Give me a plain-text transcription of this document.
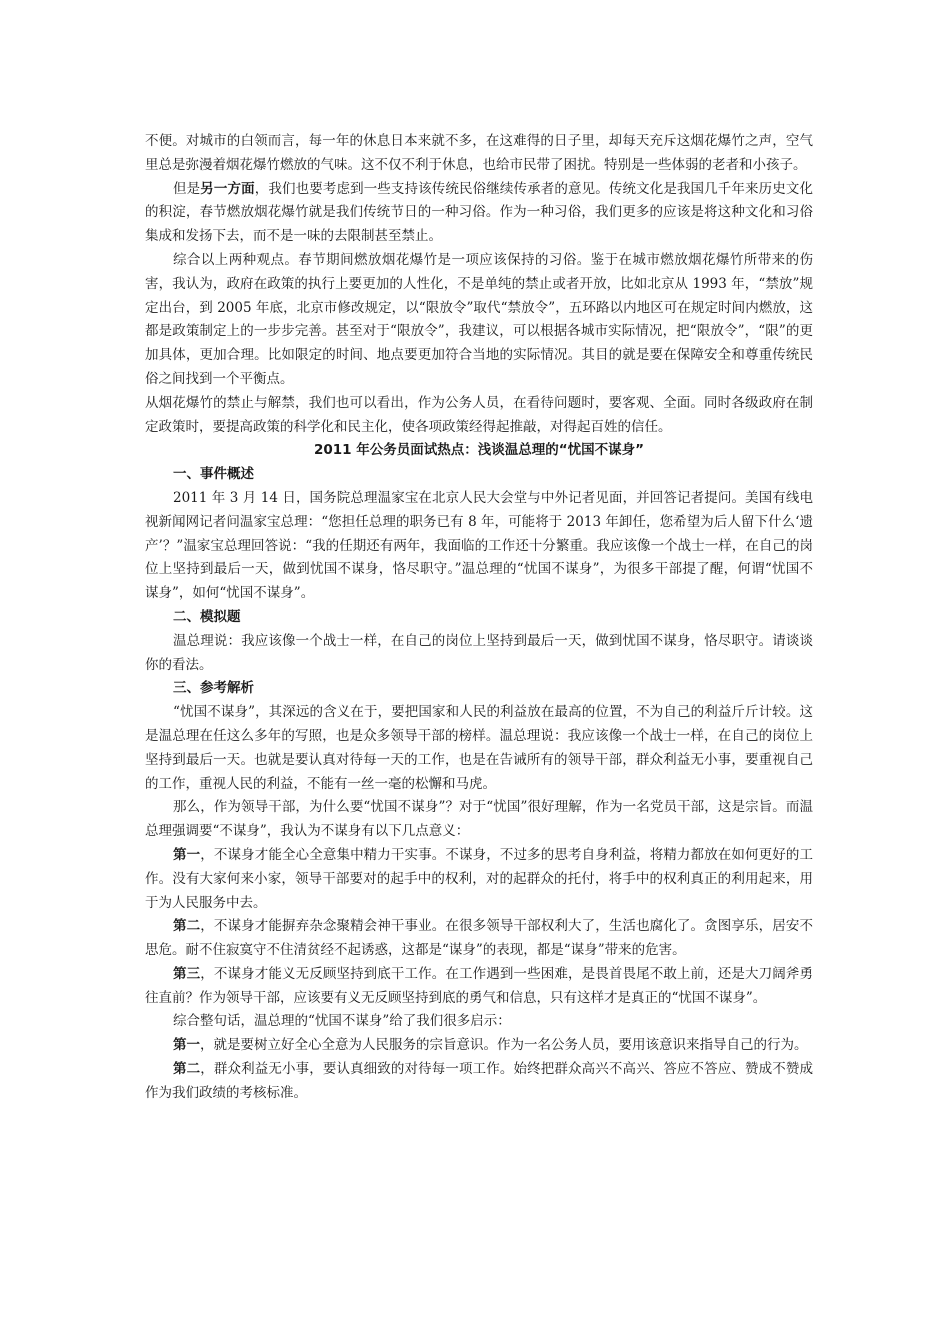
不便。对城市的白领而言，每一年的休息日本来就不多，在这难得的日子里，却每天充斥这烟花爆竹之声，空气里总是弥漫着烟花爆竹燃放的气味。这不仅不利于休息，也给市民带了困扰。特别是一些体弱的老者和小孩子。

但是另一方面，我们也要考虑到一些支持该传统民俗继续传承者的意见。传统文化是我国几千年来历史文化的积淀，春节燃放烟花爆竹就是我们传统节日的一种习俗。作为一种习俗，我们更多的应该是将这种文化和习俗集成和发扬下去，而不是一味的去限制甚至禁止。

综合以上两种观点。春节期间燃放烟花爆竹是一项应该保持的习俗。鉴于在城市燃放烟花爆竹所带来的伤害，我认为，政府在政策的执行上要更加的人性化，不是单纯的禁止或者开放，比如北京从 1993 年，“禁放”规定出台，到 2005 年底，北京市修改规定，以“限放令”取代“禁放令”，五环路以内地区可在规定时间内燃放，这都是政策制定上的一步步完善。甚至对于“限放令”，我建议，可以根据各城市实际情况，把“限放令”，“限”的更加具体，更加合理。比如限定的时间、地点要更加符合当地的实际情况。其目的就是要在保障安全和尊重传统民俗之间找到一个平衡点。

从烟花爆竹的禁止与解禁，我们也可以看出，作为公务人员，在看待问题时，要客观、全面。同时各级政府在制定政策时，要提高政策的科学化和民主化，使各项政策经得起推敲，对得起百姓的信任。

2011 年公务员面试热点：浅谈温总理的“忧国不谋身”

一、事件概述

2011 年 3 月 14 日，国务院总理温家宝在北京人民大会堂与中外记者见面，并回答记者提问。美国有线电视新闻网记者问温家宝总理：“您担任总理的职务已有 8 年，可能将于 2013 年卸任，您希望为后人留下什么‘遗产’？”温家宝总理回答说：“我的任期还有两年，我面临的工作还十分繁重。我应该像一个战士一样，在自己的岗位上坚持到最后一天，做到忧国不谋身，恪尽职守。”温总理的“忧国不谋身”，为很多干部提了醒，何谓“忧国不谋身”，如何“忧国不谋身”。

二、模拟题

温总理说：我应该像一个战士一样，在自己的岗位上坚持到最后一天，做到忧国不谋身，恪尽职守。请谈谈你的看法。

三、参考解析

“忧国不谋身”，其深远的含义在于，要把国家和人民的利益放在最高的位置，不为自己的利益斤斤计较。这是温总理在任这么多年的写照，也是众多领导干部的榜样。温总理说：我应该像一个战士一样，在自己的岗位上坚持到最后一天。也就是要认真对待每一天的工作，也是在告诫所有的领导干部，群众利益无小事，要重视自己的工作，重视人民的利益，不能有一丝一毫的松懈和马虎。

那么，作为领导干部，为什么要“忧国不谋身”？对于“忧国”很好理解，作为一名党员干部，这是宗旨。而温总理强调要“不谋身”，我认为不谋身有以下几点意义：

第一，不谋身才能全心全意集中精力干实事。不谋身，不过多的思考自身利益，将精力都放在如何更好的工作。没有大家何来小家，领导干部要对的起手中的权利，对的起群众的托付，将手中的权利真正的利用起来，用于为人民服务中去。

第二，不谋身才能摒弃杂念聚精会神干事业。在很多领导干部权利大了，生活也腐化了。贪图享乐，居安不思危。耐不住寂寞守不住清贫经不起诱惑，这都是“谋身”的表现，都是“谋身”带来的危害。

第三，不谋身才能义无反顾坚持到底干工作。在工作遇到一些困难，是畏首畏尾不敢上前，还是大刀阔斧勇往直前？作为领导干部，应该要有义无反顾坚持到底的勇气和信息，只有这样才是真正的“忧国不谋身”。

综合整句话，温总理的“忧国不谋身”给了我们很多启示：

第一，就是要树立好全心全意为人民服务的宗旨意识。作为一名公务人员，要用该意识来指导自己的行为。

第二，群众利益无小事，要认真细致的对待每一项工作。始终把群众高兴不高兴、答应不答应、赞成不赞成作为我们政绩的考核标准。
